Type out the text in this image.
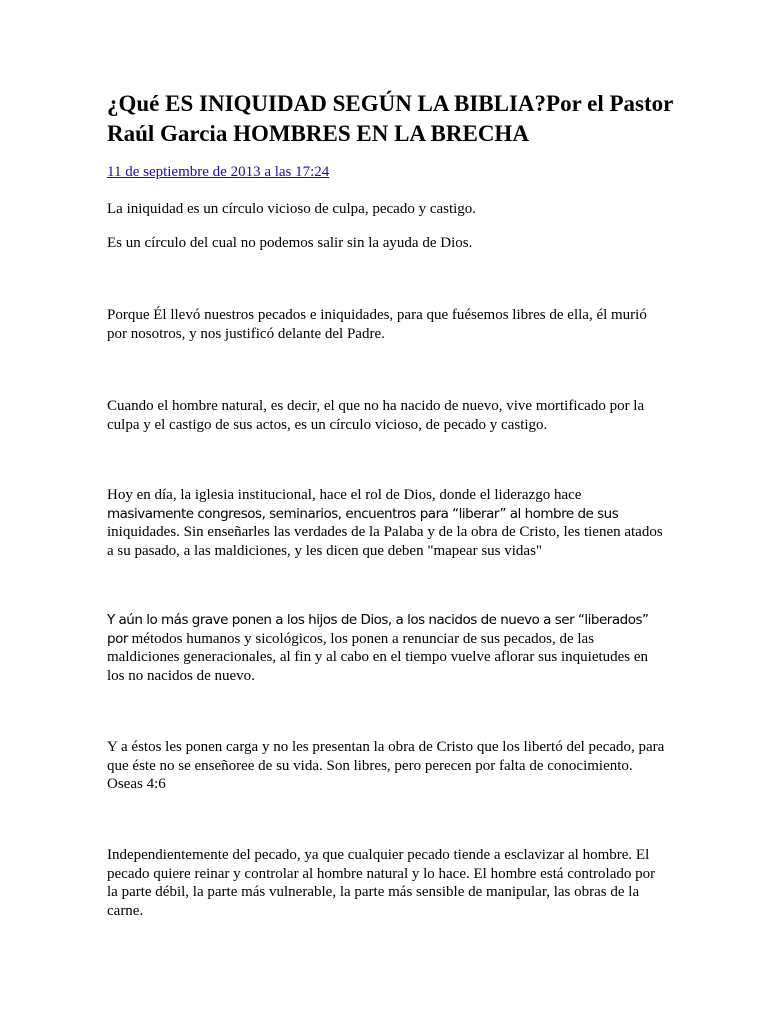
¿Qué ES INIQUIDAD SEGÚN LA BIBLIA?Por el Pastor Raúl Garcia HOMBRES EN LA BRECHA
11 de septiembre de 2013 a las 17:24

La iniquidad es un círculo vicioso de culpa, pecado y castigo.

Es un círculo del cual no podemos salir sin la ayuda de Dios.

Porque Él llevó nuestros pecados e iniquidades, para que fuésemos libres de ella, él murió por nosotros, y nos justificó delante del Padre.

Cuando el hombre natural, es decir, el que no ha nacido de nuevo, vive mortificado por la culpa y el castigo de sus actos, es un círculo vicioso, de pecado y castigo.

Hoy en día, la iglesia institucional, hace el rol de Dios, donde el liderazgo hace masivamente congresos, seminarios, encuentros para “liberar” al hombre de sus iniquidades. Sin enseñarles las verdades de la Palaba y de la obra de Cristo, les tienen atados a su pasado, a las maldiciones, y les dicen que deben "mapear sus vidas"

Y aún lo más grave ponen a los hijos de Dios, a los nacidos de nuevo a ser “liberados” por métodos humanos y sicológicos, los ponen a renunciar de sus pecados, de las maldiciones generacionales, al fin y al cabo en el tiempo vuelve aflorar sus inquietudes en los no nacidos de nuevo.

Y a éstos les ponen carga y no les presentan la obra de Cristo que los libertó del pecado, para que éste no se enseñoree de su vida. Son libres, pero perecen por falta de conocimiento. Oseas 4:6

Independientemente del pecado, ya que cualquier pecado tiende a esclavizar al hombre. El pecado quiere reinar y controlar al hombre natural y lo hace. El hombre está controlado por la parte débil, la parte más vulnerable, la parte más sensible de manipular, las obras de la carne.
